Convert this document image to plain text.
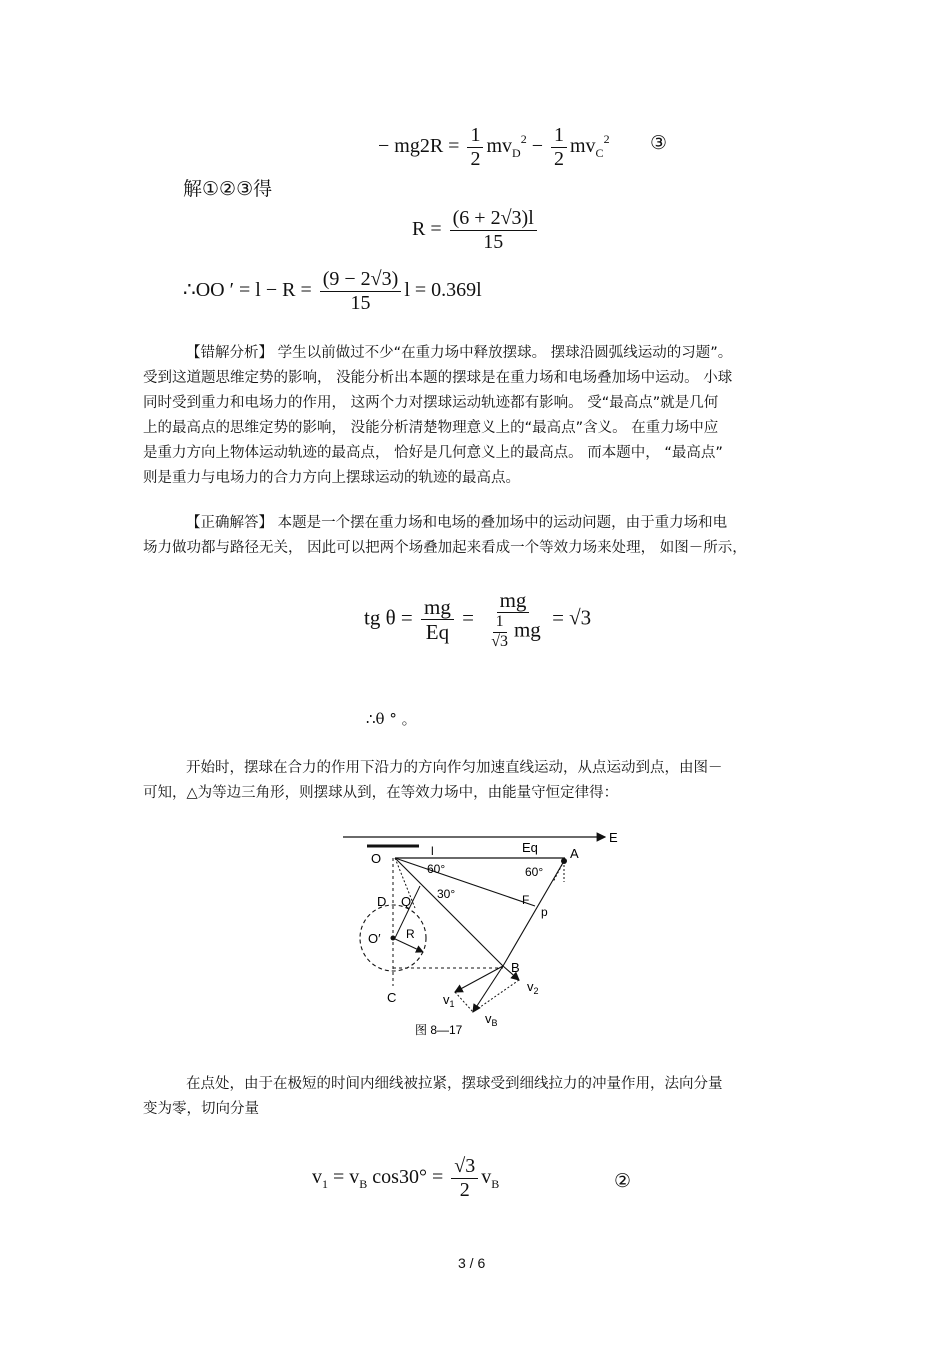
− $mg2R = \frac{1}{2} mv_D^2 - \frac{1}{2} mv_C^2$ ③
解①②③得
$R = \frac{(6 + 2√3)l}{15}$
∴OO ′ = $l - R = \frac{(9 - 2√3)}{15}$ l = 0.369l
【错解分析】 学生以前做过不少“在重力场中释放摆球。 摆球沿圆弧线运动的习题”。
受到这道题思维定势的影响， 没能分析出本题的摆球是在重力场和电场叠加场中运动。 小球
同时受到重力和电场力的作用， 这两个力对摆球运动轨迹都有影响。 受“最高点”就是几何
上的最高点的思维定势的影响， 没能分析清楚物理意义上的“最高点”含义。 在重力场中应
是重力方向上物体运动轨迹的最高点， 恰好是几何意义上的最高点。 而本题中， “最高点”
则是重力与电场力的合力方向上摆球运动的轨迹的最高点。
【正确解答】 本题是一个摆在重力场和电场的叠加场中的运动问题，由于重力场和电
场力做功都与路径无关， 因此可以把两个场叠加起来看成一个等效力场来处理， 如图－所示，
tg $\theta = \frac{mg}{Eq} = \frac{mg}{\frac{1}{√3} mg} = √3$
∴θ ° 。
开始时，摆球在合力的作用下沿力的方向作匀加速直线运动，从点运动到点，由图－
可知，△为等边三角形，则摆球从到，在等效力场中，由能量守恒定律得：
E
O	l	Eq A
60°
F
p
60°
30°
D Q
O′ R
B
C	$v_1$
$v_2$
$v_B$
图 8—17
在点处，由于在极短的时间内细线被拉紧，摆球受到细线拉力的冲量作用，法向分量
变为零，切向分量
$v_1 = v_B$ $\cos 30^\circ = \frac{√3}{2} v_B$	②
3 / 6
